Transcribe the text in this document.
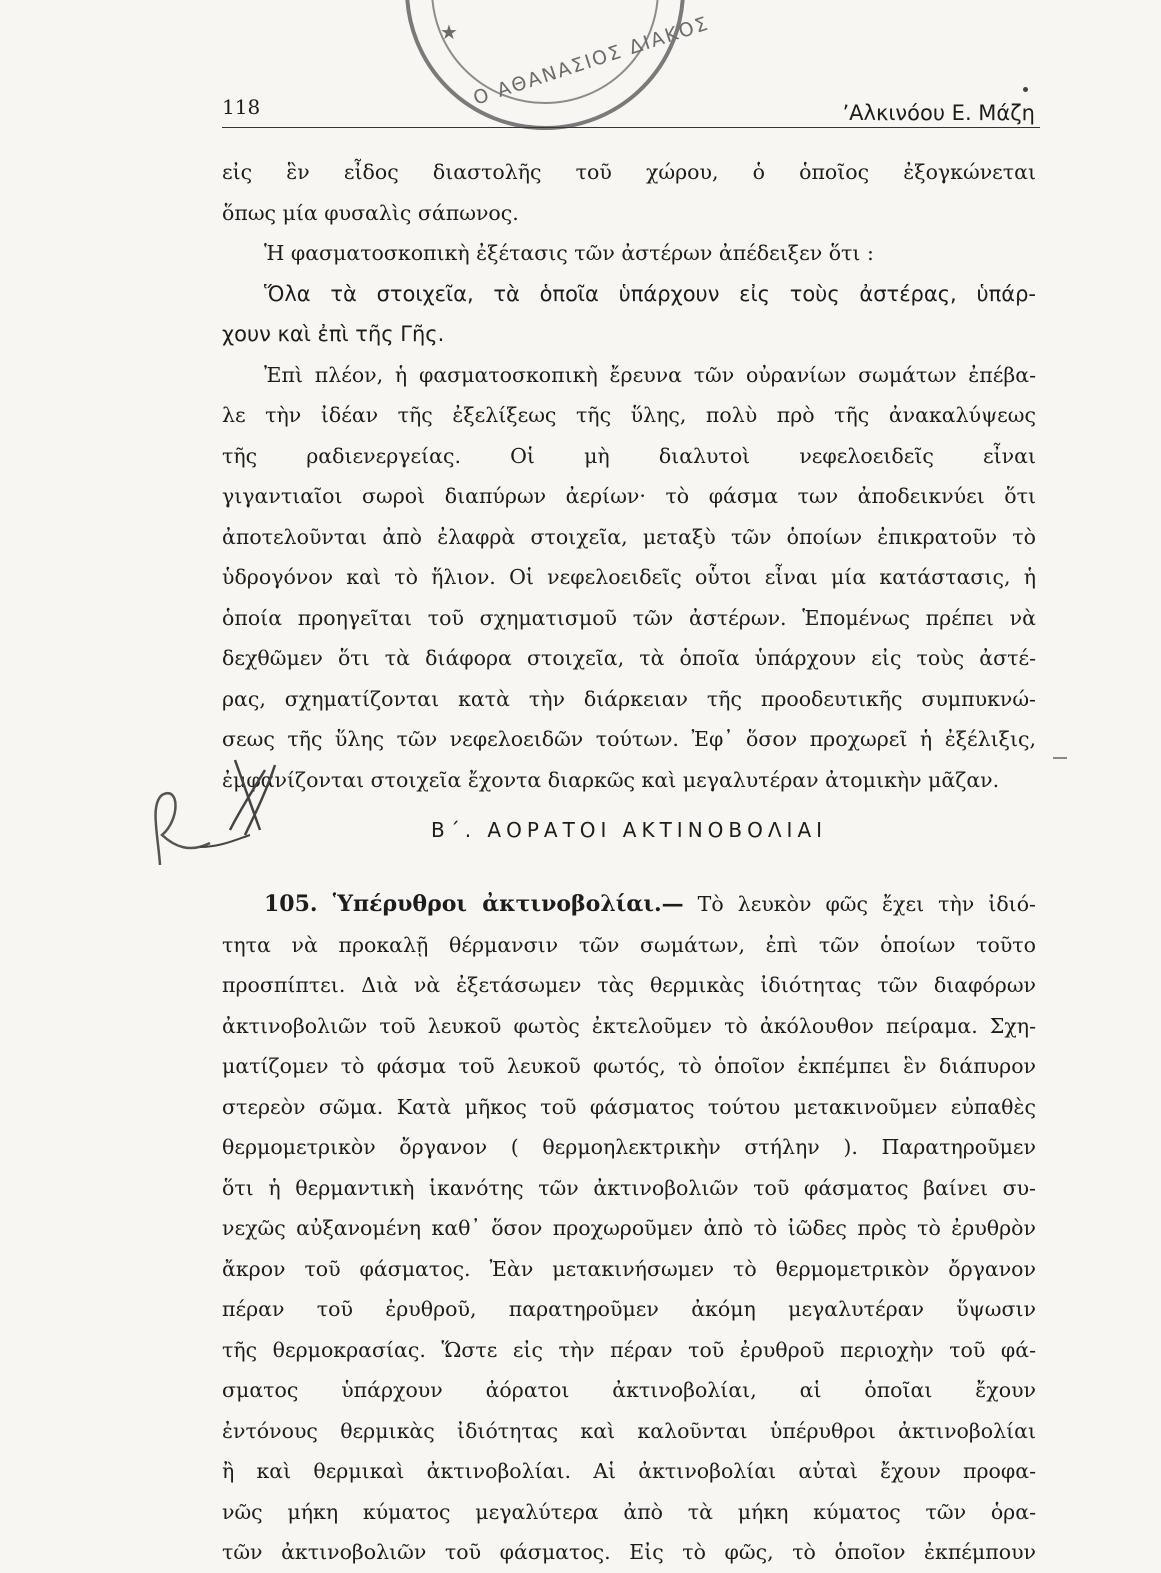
★ Ο ΑΘΑΝΑΣΙΟΣ ΔΙΑΚΟΣ
118	ʼΑλκινόου Ε. Μάζη
εἰς ἓν εἶδος διαστολῆς τοῦ χώρου, ὁ ὁποῖος ἐξογκώνεται
ὅπως μία φυσαλὶς σάπωνος.
Ἡ φασματοσκοπικὴ ἐξέτασις τῶν ἀστέρων ἀπέδειξεν ὅτι :
Ὅλα τὰ στοιχεῖα, τὰ ὁποῖα ὑπάρχουν εἰς τοὺς ἀστέρας, ὑπάρ-
χουν καὶ ἐπὶ τῆς Γῆς.
Ἐπὶ πλέον, ἡ φασματοσκοπικὴ ἔρευνα τῶν οὐρανίων σωμάτων ἐπέβα-
λε τὴν ἰδέαν τῆς ἐξελίξεως τῆς ὕλης, πολὺ πρὸ τῆς ἀνακαλύψεως
τῆς ραδιενεργείας. Οἱ μὴ διαλυτοὶ νεφελοειδεῖς εἶναι
γιγαντιαῖοι σωροὶ διαπύρων ἀερίων· τὸ φάσμα των ἀποδεικνύει ὅτι
ἀποτελοῦνται ἀπὸ ἐλαφρὰ στοιχεῖα, μεταξὺ τῶν ὁποίων ἐπικρατοῦν τὸ
ὑδρογόνον καὶ τὸ ἥλιον. Οἱ νεφελοειδεῖς οὗτοι εἶναι μία κατάστασις, ἡ
ὁποία προηγεῖται τοῦ σχηματισμοῦ τῶν ἀστέρων. Ἑπομένως πρέπει νὰ
δεχθῶμεν ὅτι τὰ διάφορα στοιχεῖα, τὰ ὁποῖα ὑπάρχουν εἰς τοὺς ἀστέ-
ρας, σχηματίζονται κατὰ τὴν διάρκειαν τῆς προοδευτικῆς συμπυκνώ-
σεως τῆς ὕλης τῶν νεφελοειδῶν τούτων. Ἐφ᾽ ὅσον προχωρεῖ ἡ ἐξέλιξις,
ἐμφανίζονται στοιχεῖα ἔχοντα διαρκῶς καὶ μεγαλυτέραν ἀτομικὴν μᾶζαν.
Β΄. ΑΟΡΑΤΟΙ ΑΚΤΙΝΟΒΟΛΙΑΙ
105. Ὑπέρυθροι ἀκτινοβολίαι.— Τὸ λευκὸν φῶς ἔχει τὴν ἰδιό-
τητα νὰ προκαλῇ θέρμανσιν τῶν σωμάτων, ἐπὶ τῶν ὁποίων τοῦτο
προσπίπτει. Διὰ νὰ ἐξετάσωμεν τὰς θερμικὰς ἰδιότητας τῶν διαφόρων
ἀκτινοβολιῶν τοῦ λευκοῦ φωτὸς ἐκτελοῦμεν τὸ ἀκόλουθον πείραμα. Σχη-
ματίζομεν τὸ φάσμα τοῦ λευκοῦ φωτός, τὸ ὁποῖον ἐκπέμπει ἓν διάπυρον
στερεὸν σῶμα. Κατὰ μῆκος τοῦ φάσματος τούτου μετακινοῦμεν εὐπαθὲς
θερμομετρικὸν ὄργανον ( θερμοηλεκτρικὴν στήλην ). Παρατηροῦμεν
ὅτι ἡ θερμαντικὴ ἱκανότης τῶν ἀκτινοβολιῶν τοῦ φάσματος βαίνει συ-
νεχῶς αὐξανομένη καθ᾽ ὅσον προχωροῦμεν ἀπὸ τὸ ἰῶδες πρὸς τὸ ἐρυθρὸν
ἄκρον τοῦ φάσματος. Ἐὰν μετακινήσωμεν τὸ θερμομετρικὸν ὄργανον
πέραν τοῦ ἐρυθροῦ, παρατηροῦμεν ἀκόμη μεγαλυτέραν ὕψωσιν
τῆς θερμοκρασίας. Ὥστε εἰς τὴν πέραν τοῦ ἐρυθροῦ περιοχὴν τοῦ φά-
σματος ὑπάρχουν ἀόρατοι ἀκτινοβολίαι, αἱ ὁποῖαι ἔχουν
ἐντόνους θερμικὰς ἰδιότητας καὶ καλοῦνται ὑπέρυθροι ἀκτινοβολίαι
ἢ καὶ θερμικαὶ ἀκτινοβολίαι. Αἱ ἀκτινοβολίαι αὐταὶ ἔχουν προφα-
νῶς μήκη κύματος μεγαλύτερα ἀπὸ τὰ μήκη κύματος τῶν ὁρα-
τῶν ἀκτινοβολιῶν τοῦ φάσματος. Εἰς τὸ φῶς, τὸ ὁποῖον ἐκπέμπουν
